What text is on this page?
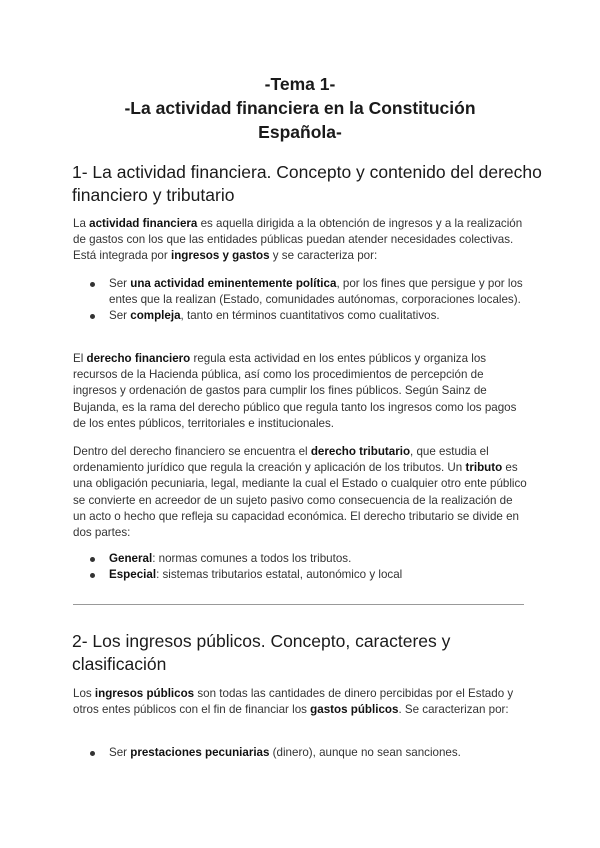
-Tema 1-
-La actividad financiera en la Constitución
Española-
1- La actividad financiera. Concepto y contenido del derecho financiero y tributario

La actividad financiera es aquella dirigida a la obtención de ingresos y a la realización de gastos con los que las entidades públicas puedan atender necesidades colectivas. Está integrada por ingresos y gastos y se caracteriza por:

Ser una actividad eminentemente política, por los fines que persigue y por los entes que la realizan (Estado, comunidades autónomas, corporaciones locales).
Ser compleja, tanto en términos cuantitativos como cualitativos.

El derecho financiero regula esta actividad en los entes públicos y organiza los recursos de la Hacienda pública, así como los procedimientos de percepción de ingresos y ordenación de gastos para cumplir los fines públicos. Según Sainz de Bujanda, es la rama del derecho público que regula tanto los ingresos como los pagos de los entes públicos, territoriales e institucionales.

Dentro del derecho financiero se encuentra el derecho tributario, que estudia el ordenamiento jurídico que regula la creación y aplicación de los tributos. Un tributo es una obligación pecuniaria, legal, mediante la cual el Estado o cualquier otro ente público se convierte en acreedor de un sujeto pasivo como consecuencia de la realización de un acto o hecho que refleja su capacidad económica. El derecho tributario se divide en dos partes:

General: normas comunes a todos los tributos.
Especial: sistemas tributarios estatal, autonómico y local
2- Los ingresos públicos. Concepto, caracteres y clasificación

Los ingresos públicos son todas las cantidades de dinero percibidas por el Estado y otros entes públicos con el fin de financiar los gastos públicos. Se caracterizan por:

Ser prestaciones pecuniarias (dinero), aunque no sean sanciones.
